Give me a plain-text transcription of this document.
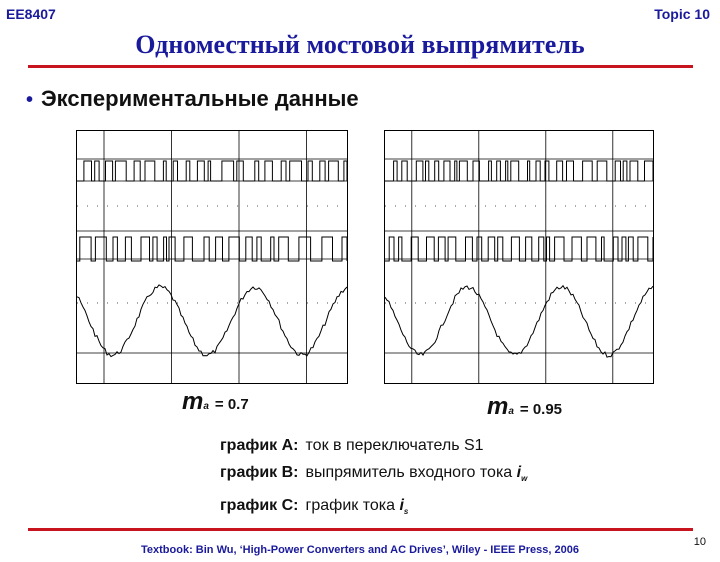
EE8407	Topic 10
Одноместный мостовой выпрямитель
• Экспериментальные данные
ma = 0.7	ma = 0.95
график A: ток в переключатель S1
график B: выпрямитель входного тока $i_w$
график C: график тока $i_s$
10
Textbook: Bin Wu, ‘High-Power Converters and AC Drives’, Wiley - IEEE Press, 2006
